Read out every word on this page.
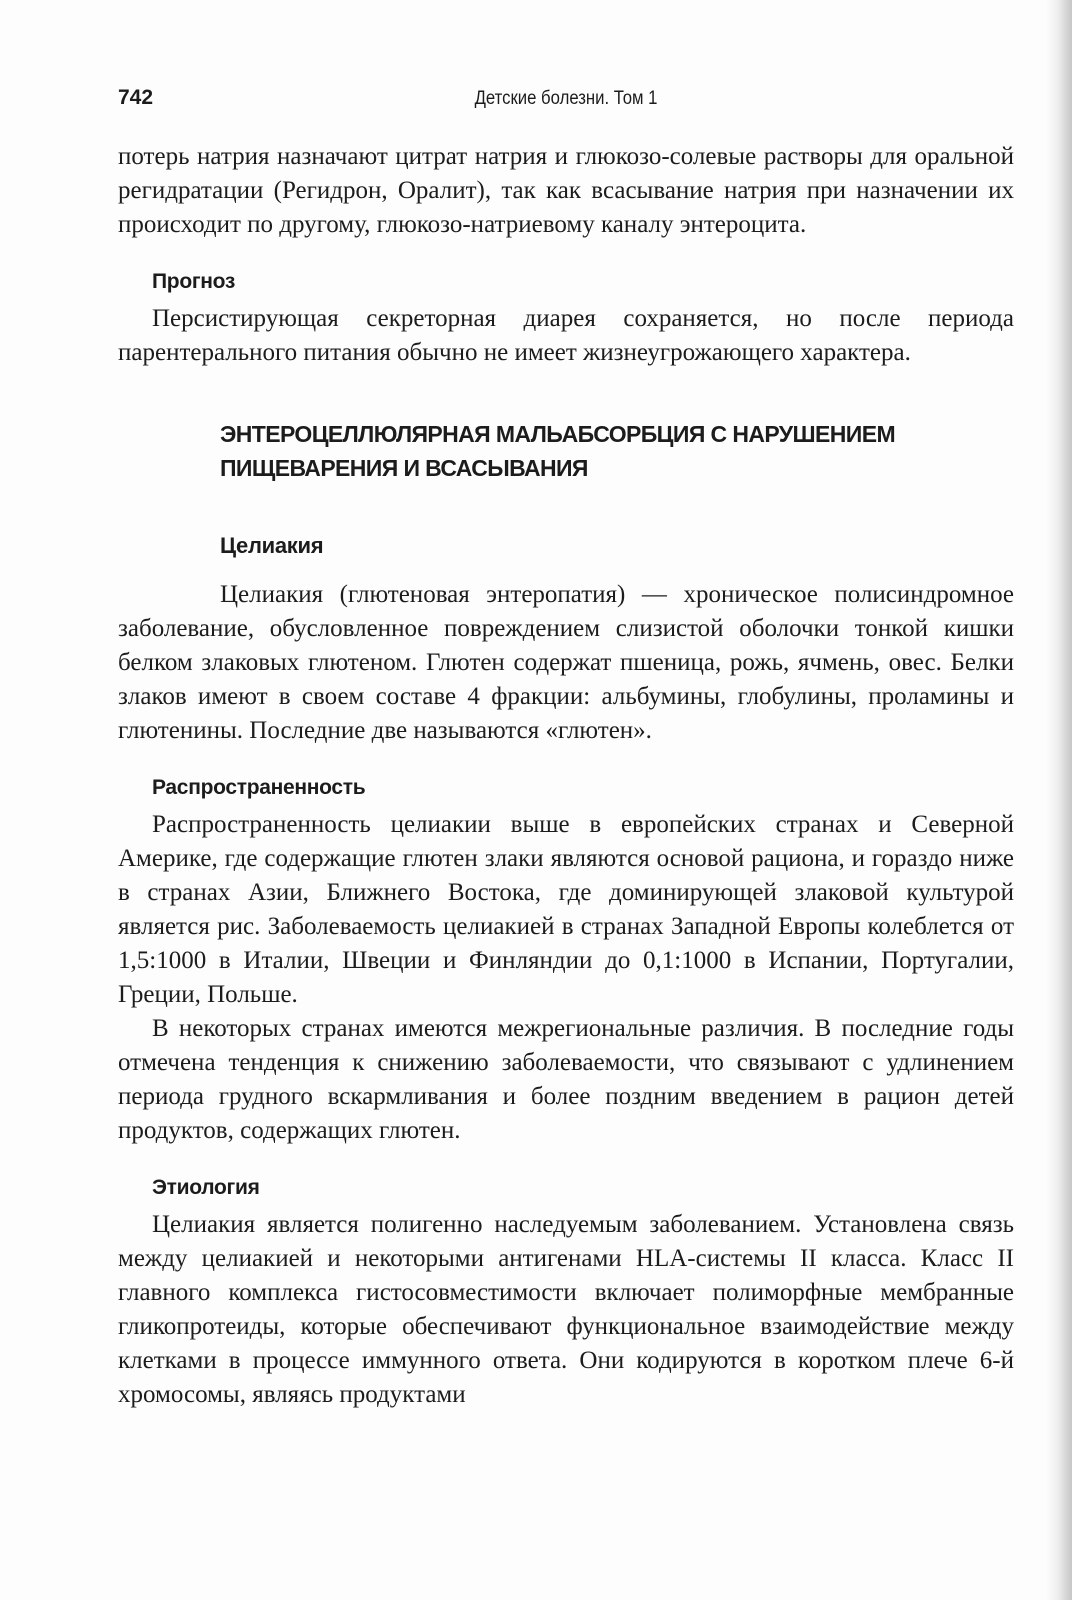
742	Детские болезни. Том 1

потерь натрия назначают цитрат натрия и глюкозо-солевые растворы для оральной регидратации (Регидрон, Оралит), так как всасывание натрия при назначении их происходит по другому, глюкозо-натриевому каналу энтероцита.

Прогноз

Персистирующая секреторная диарея сохраняется, но после периода парентерального питания обычно не имеет жизнеугрожающего характера.

ЭНТЕРОЦЕЛЛЮЛЯРНАЯ МАЛЬАБСОРБЦИЯ С НАРУШЕНИЕМ
ПИЩЕВАРЕНИЯ И ВСАСЫВАНИЯ
Целиакия

Целиакия (глютеновая энтеропатия) — хроническое полисиндромное заболевание, обусловленное повреждением слизистой оболочки тонкой кишки белком злаковых глютеном. Глютен содержат пшеница, рожь, ячмень, овес. Белки злаков имеют в своем составе 4 фракции: альбумины, глобулины, проламины и глютенины. Последние две называются «глютен».

Распространенность

Распространенность целиакии выше в европейских странах и Северной Америке, где содержащие глютен злаки являются основой рациона, и гораздо ниже в странах Азии, Ближнего Востока, где доминирующей злаковой культурой является рис. Заболеваемость целиакией в странах Западной Европы колеблется от 1,5:1000 в Италии, Швеции и Финляндии до 0,1:1000 в Испании, Португалии, Греции, Польше.

В некоторых странах имеются межрегиональные различия. В последние годы отмечена тенденция к снижению заболеваемости, что связывают с удлинением периода грудного вскармливания и более поздним введением в рацион детей продуктов, содержащих глютен.

Этиология

Целиакия является полигенно наследуемым заболеванием. Установлена связь между целиакией и некоторыми антигенами HLA-системы II класса. Класс II главного комплекса гистосовместимости включает полиморфные мембранные гликопротеиды, которые обеспечивают функциональное взаимодействие между клетками в процессе иммунного ответа. Они кодируются в коротком плече 6-й хромосомы, являясь продуктами
